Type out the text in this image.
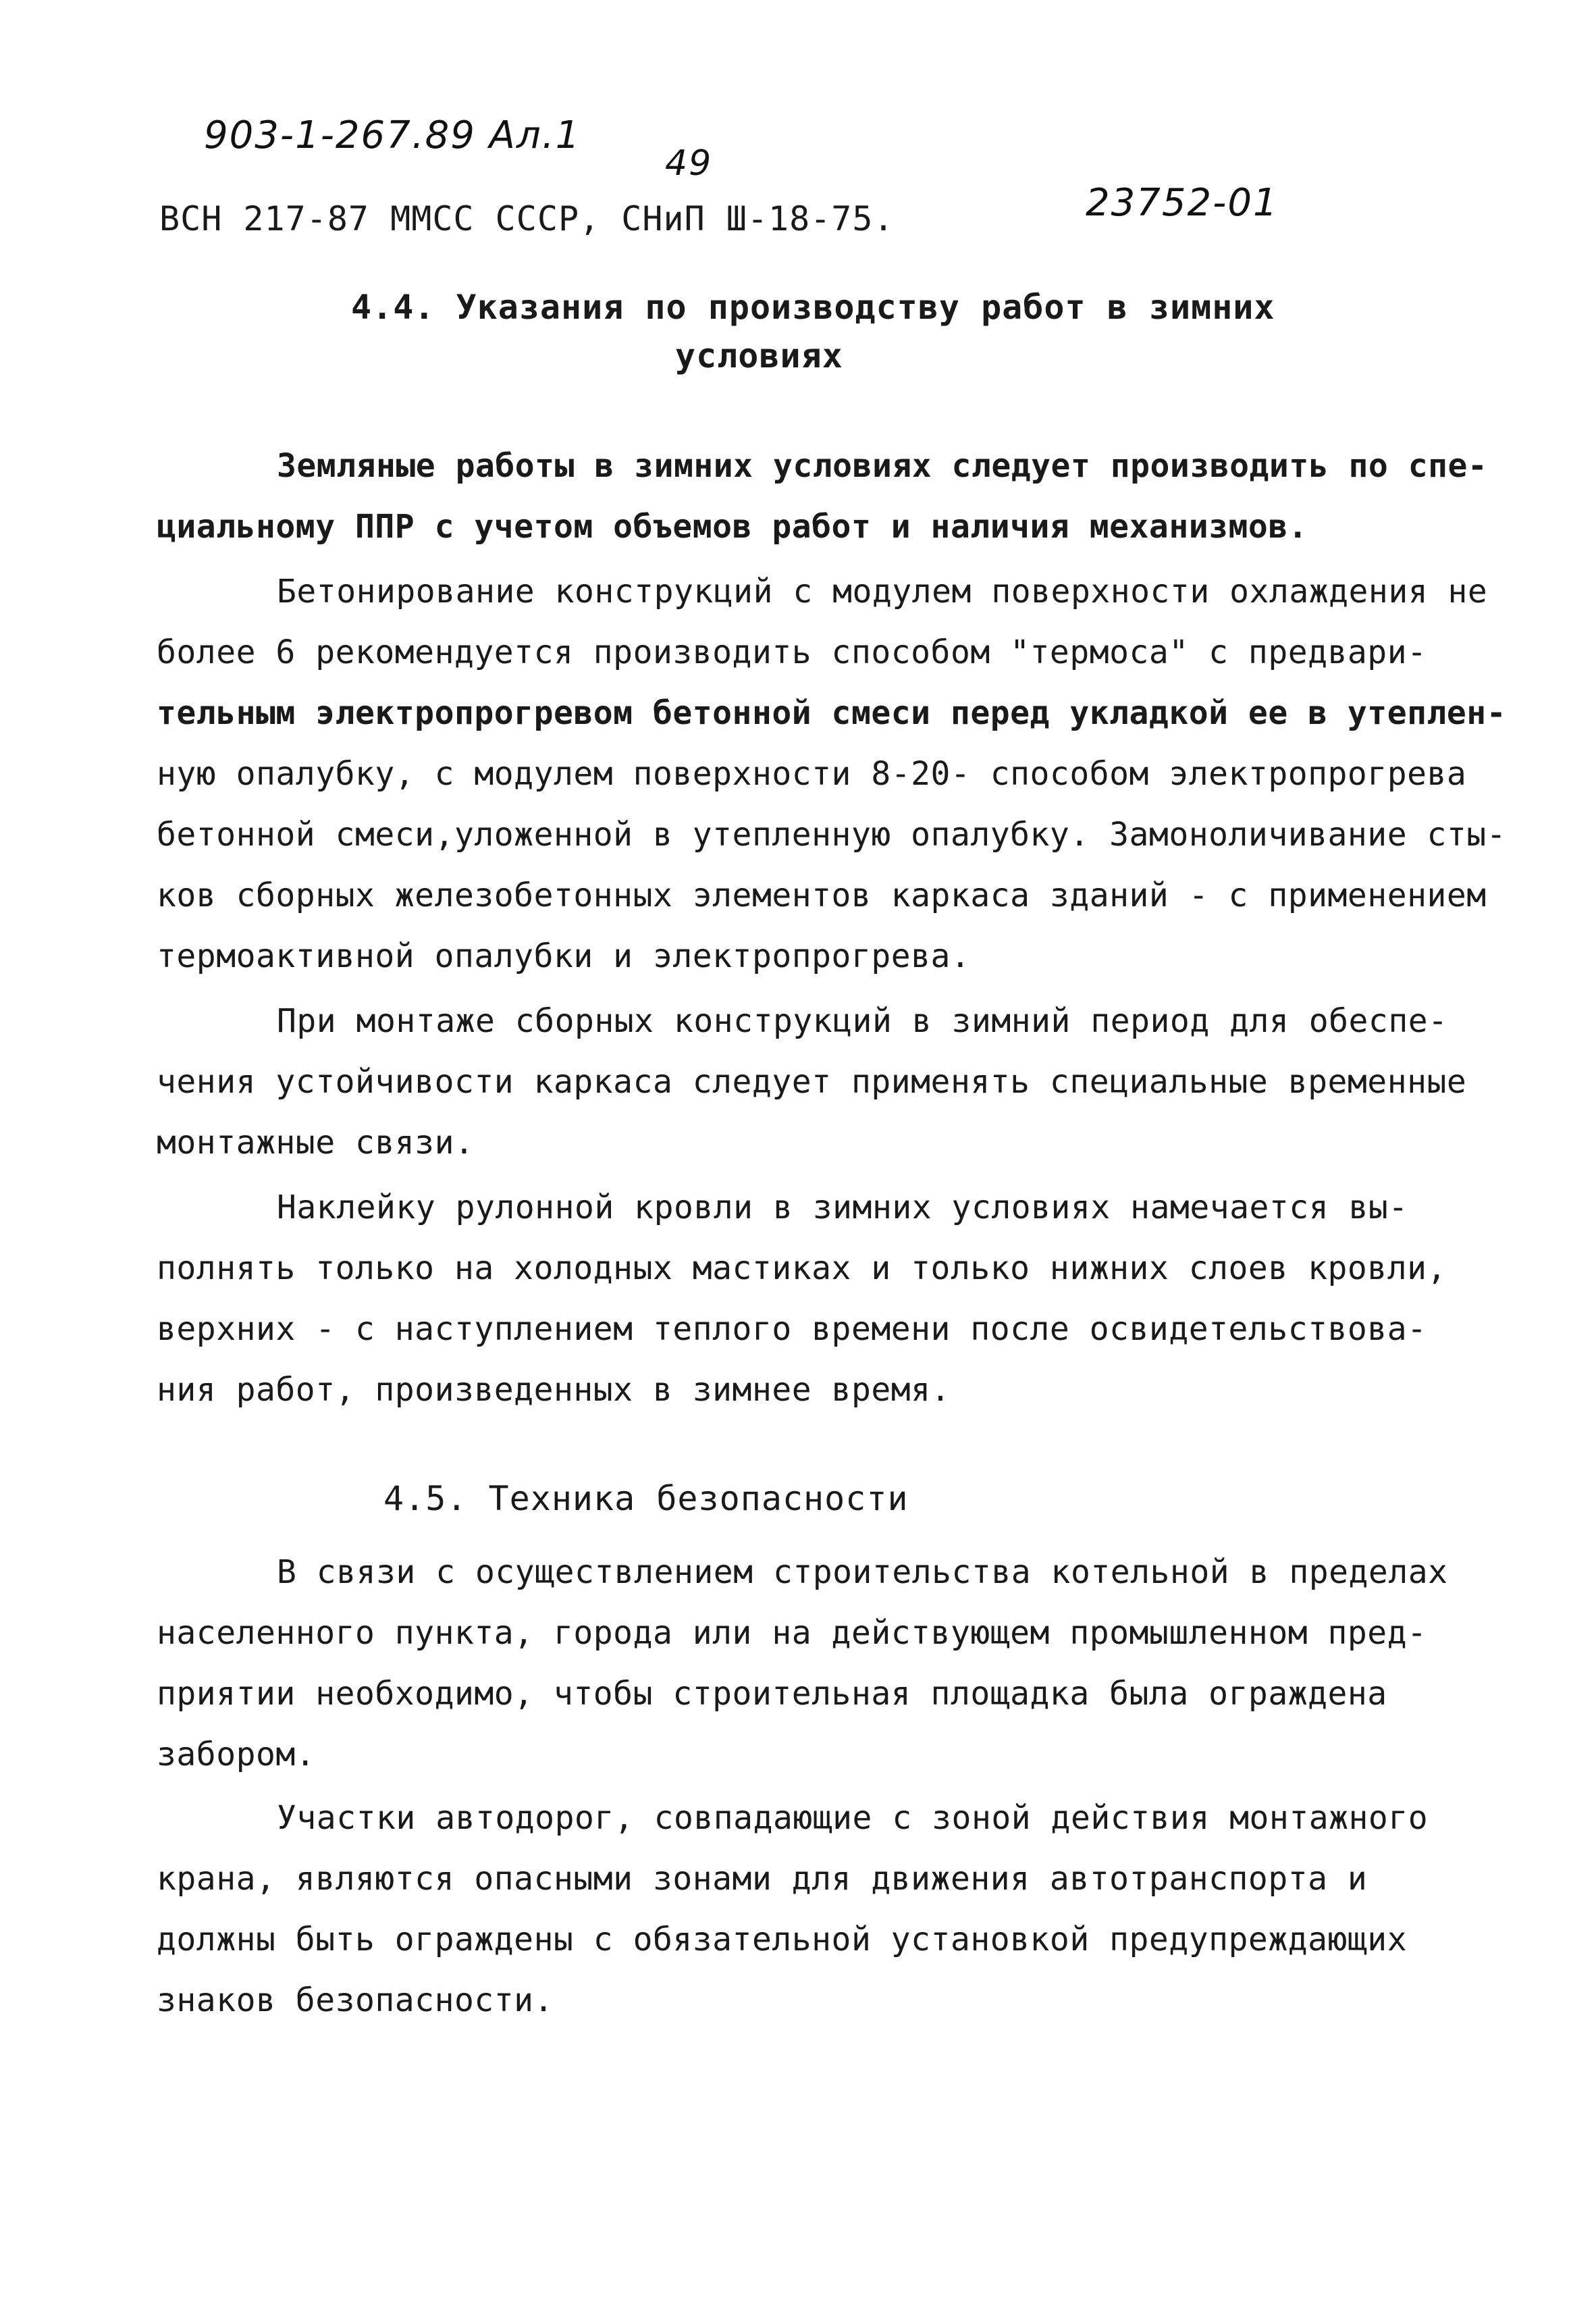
903-1-267.89 Ал.1
49
23752-01
ВСН 217-87 ММСС СССР, СНиП Ш-18-75.
4.4. Указания по производству работ в зимних
условиях
Земляные работы в зимних условиях следует производить по спе-
циальному ППР с учетом объемов работ и наличия механизмов.
Бетонирование конструкций с модулем поверхности охлаждения не
более 6 рекомендуется производить способом "термоса" с предвари-
тельным электропрогревом бетонной смеси перед укладкой ее в утеплен-
ную опалубку, с модулем поверхности 8-20- способом электропрогрева
бетонной смеси,уложенной в утепленную опалубку. Замоноличивание сты-
ков сборных железобетонных элементов каркаса зданий - с применением
термоактивной опалубки и электропрогрева.
При монтаже сборных конструкций в зимний период для обеспе-
чения устойчивости каркаса следует применять специальные временные
монтажные связи.
Наклейку рулонной кровли в зимних условиях намечается вы-
полнять только на холодных мастиках и только нижних слоев кровли,
верхних - с наступлением теплого времени после освидетельствова-
ния работ, произведенных в зимнее время.
4.5. Техника безопасности
В связи с осуществлением строительства котельной в пределах
населенного пункта, города или на действующем промышленном пред-
приятии необходимо, чтобы строительная площадка была ограждена
забором.
Участки автодорог, совпадающие с зоной действия монтажного
крана, являются опасными зонами для движения автотранспорта и
должны быть ограждены с обязательной установкой предупреждающих
знаков безопасности.
